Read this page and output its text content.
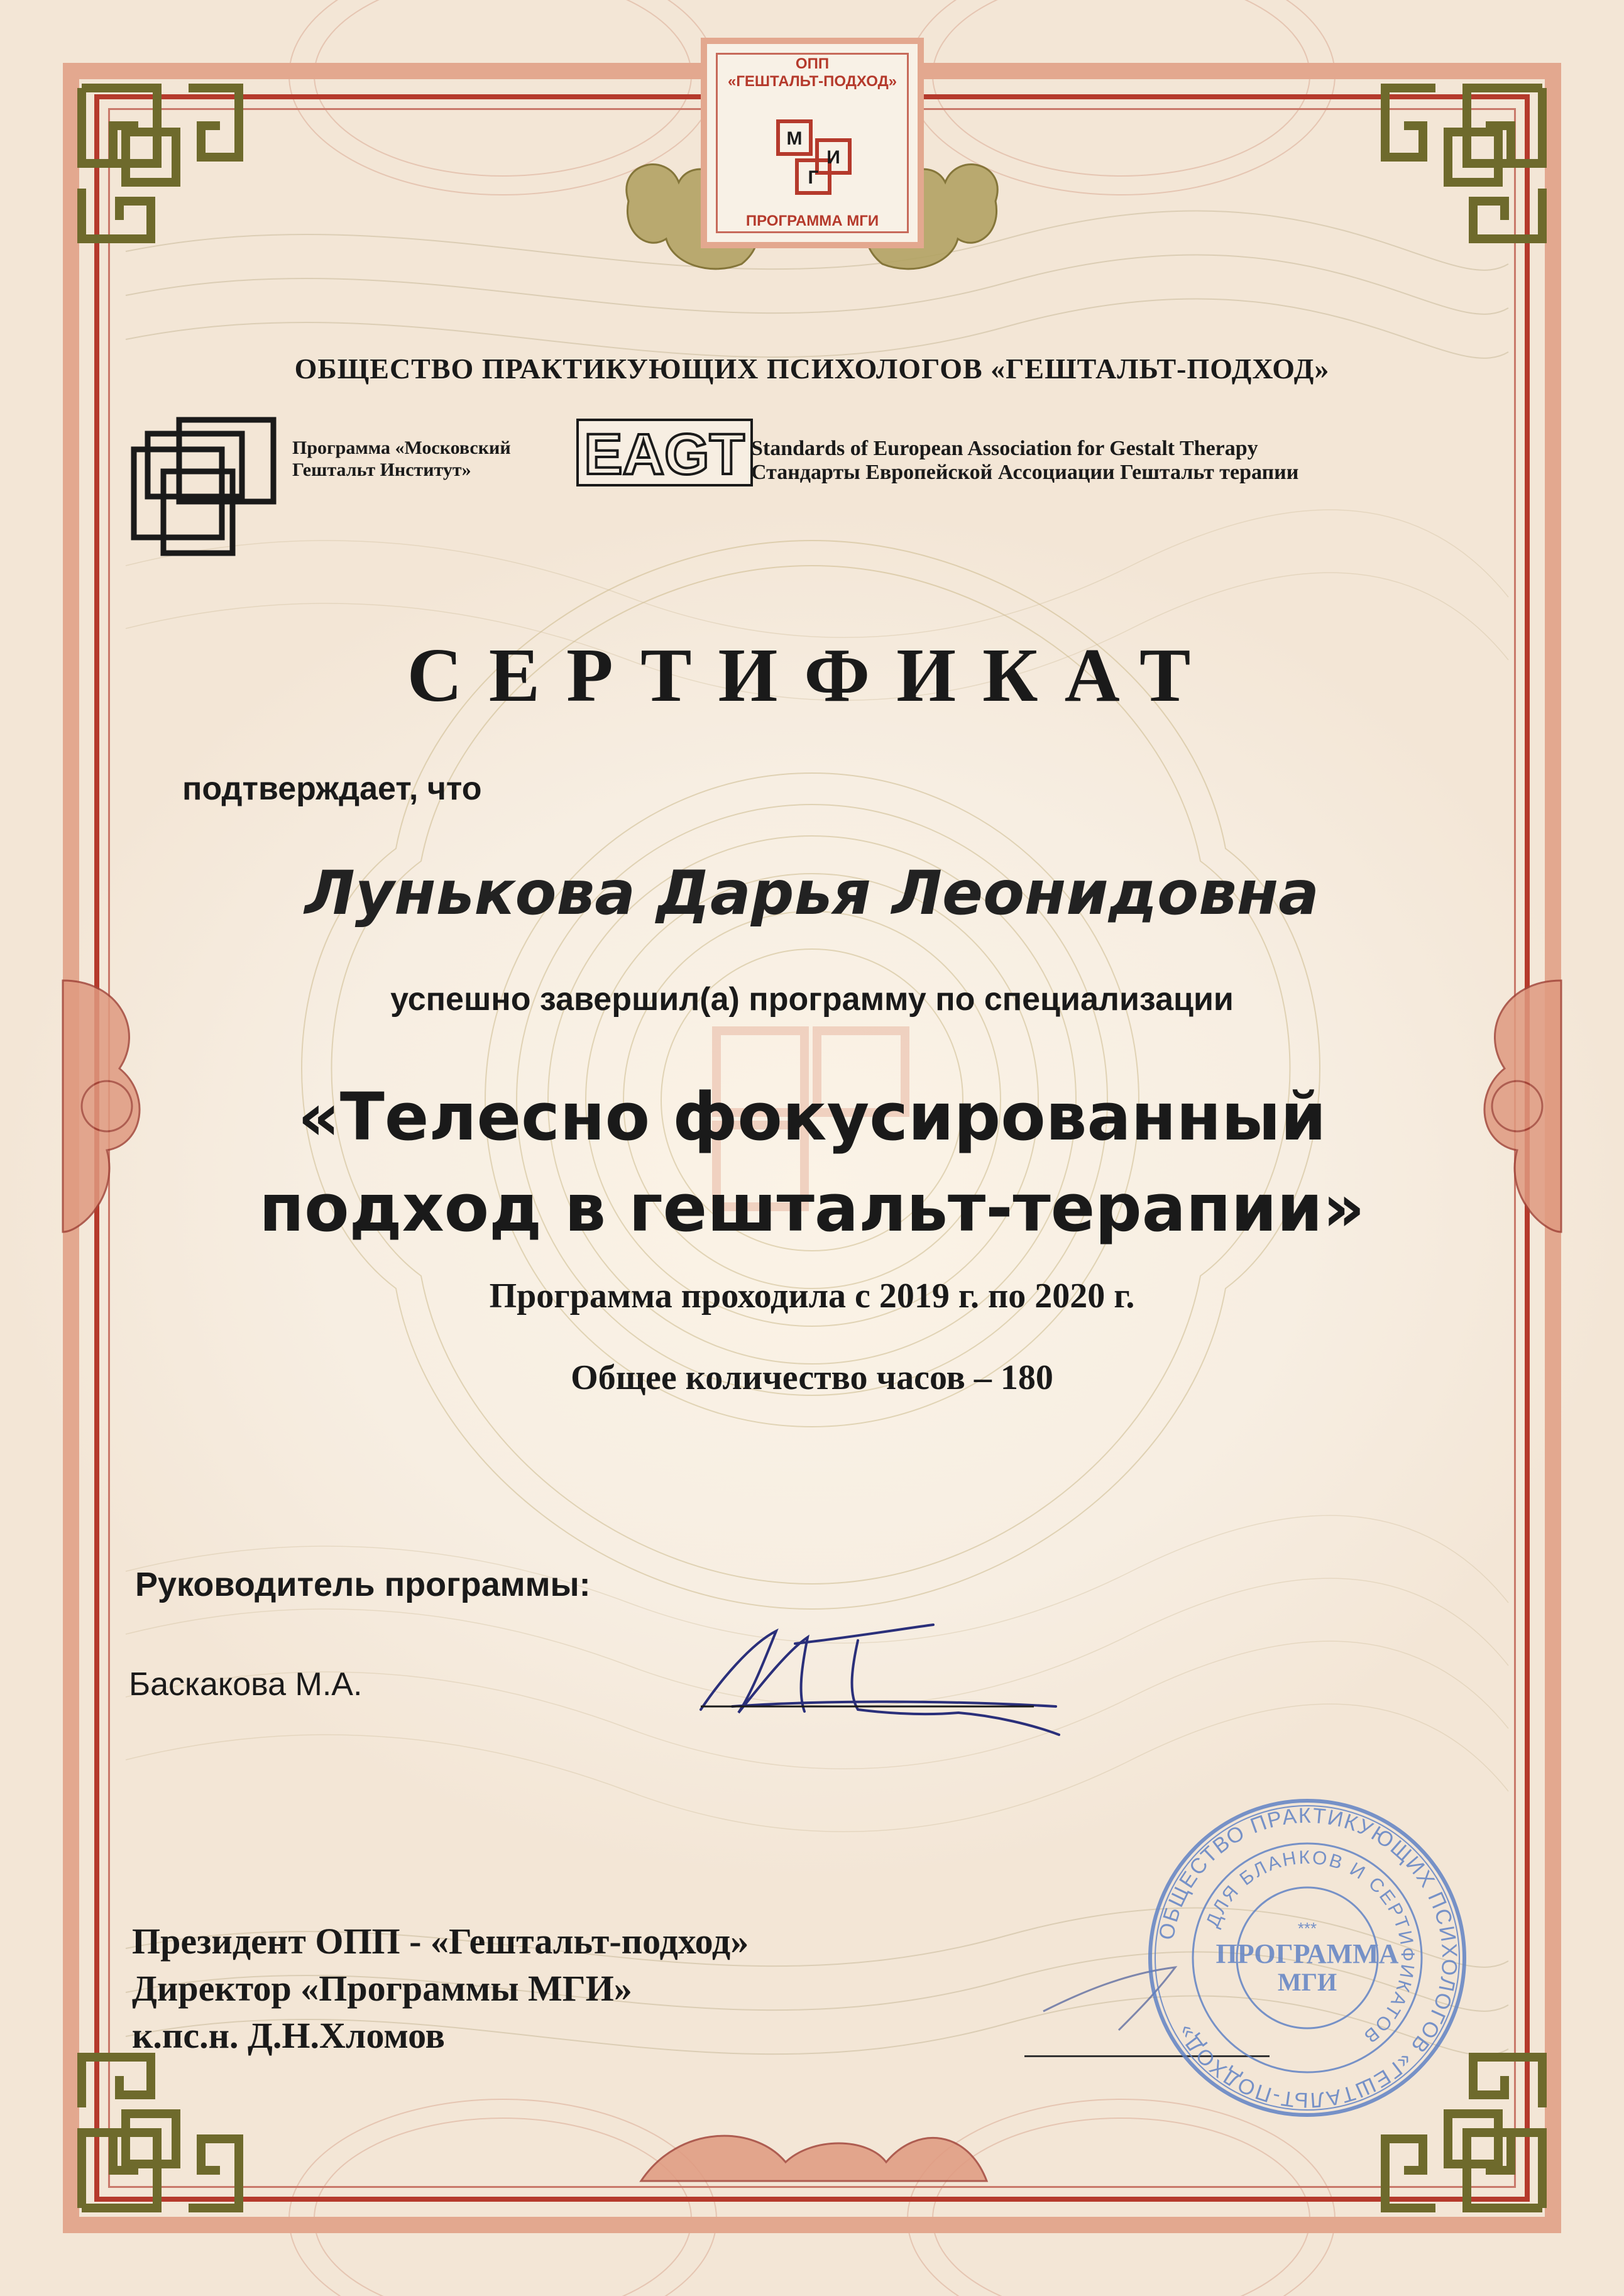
ОПП
«ГЕШТАЛЬТ-ПОДХОД»
М
И
Г
ПРОГРАММА МГИ
ОБЩЕСТВО ПРАКТИКУЮЩИХ ПСИХОЛОГОВ «ГЕШТАЛЬТ-ПОДХОД»
Программа «Московский
Гештальт Институт»	EAGT Standards of European Association for Gestalt Therapy
Стандарты Европейской Ассоциации Гештальт терапии
СЕРТИФИКАТ
подтверждает, что
Лунькова Дарья Леонидовна
успешно завершил(а) программу по специализации
«Телесно фокусированный
подход в гештальт-терапии»
Программа проходила с 2019 г. по 2020 г.
Общее количество часов – 180
Руководитель программы:
Баскакова М.А.
Президент ОПП - «Гештальт-подход»
Директор «Программы МГИ»
к.пс.н. Д.Н.Хломов
ОБЩЕСТВО ПРАКТИКУЮЩИХ ПСИХОЛОГОВ «ГЕШТАЛЬТ-ПОДХОД»
ДЛЯ БЛАНКОВ И СЕРТИФИКАТОВ
***
ПРОГРАММА
МГИ
